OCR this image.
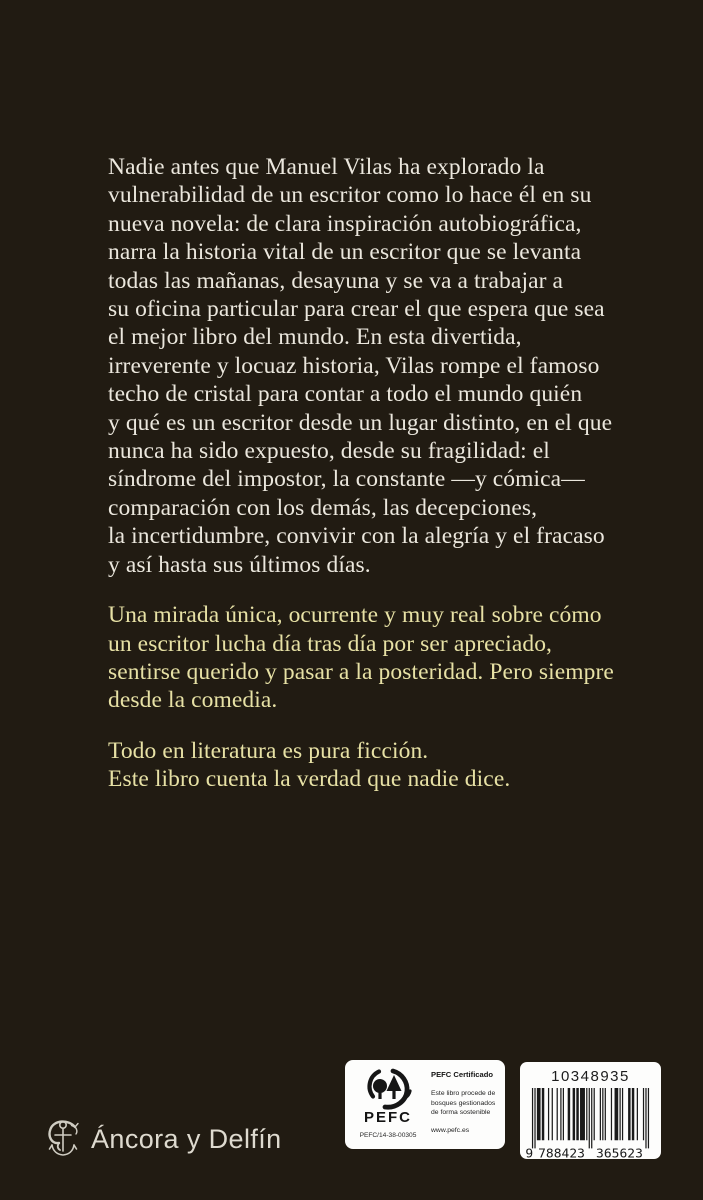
Nadie antes que Manuel Vilas ha explorado la
vulnerabilidad de un escritor como lo hace él en su
nueva novela: de clara inspiración autobiográfica,
narra la historia vital de un escritor que se levanta
todas las mañanas, desayuna y se va a trabajar a
su oficina particular para crear el que espera que sea
el mejor libro del mundo. En esta divertida,
irreverente y locuaz historia, Vilas rompe el famoso
techo de cristal para contar a todo el mundo quién
y qué es un escritor desde un lugar distinto, en el que
nunca ha sido expuesto, desde su fragilidad: el
síndrome del impostor, la constante —y cómica—
comparación con los demás, las decepciones,
la incertidumbre, convivir con la alegría y el fracaso
y así hasta sus últimos días.

Una mirada única, ocurrente y muy real sobre cómo
un escritor lucha día tras día por ser apreciado,
sentirse querido y pasar a la posteridad. Pero siempre
desde la comedia.

Todo en literatura es pura ficción.
Este libro cuenta la verdad que nadie dice.

Áncora y Delfín
PEFC
PEFC/14-38-00305
PEFC Certificado
Este libro procede de
bosques gestionados
de forma sostenible
www.pefc.es
10348935
9 788423 365623
